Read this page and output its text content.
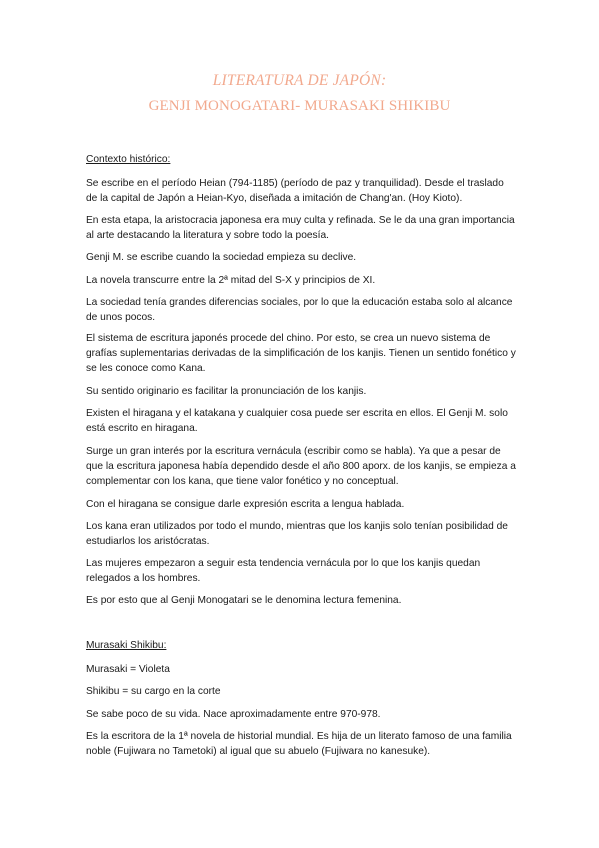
LITERATURA DE JAPÓN:
GENJI MONOGATARI- MURASAKI SHIKIBU

Contexto histórico:

Se escribe en el período Heian (794-1185) (período de paz y tranquilidad). Desde el traslado de la capital de Japón a Heian-Kyo, diseñada a imitación de Chang'an. (Hoy Kioto).

En esta etapa, la aristocracia japonesa era muy culta y refinada. Se le da una gran importancia al arte destacando la literatura y sobre todo la poesía.

Genji M. se escribe cuando la sociedad empieza su declive.

La novela transcurre entre la 2ª mitad del S-X y principios de XI.

La sociedad tenía grandes diferencias sociales, por lo que la educación estaba solo al alcance de unos pocos.

El sistema de escritura japonés procede del chino. Por esto, se crea un nuevo sistema de grafías suplementarias derivadas de la simplificación de los kanjis. Tienen un sentido fonético y se les conoce como Kana.

Su sentido originario es facilitar la pronunciación de los kanjis.

Existen el hiragana y el katakana y cualquier cosa puede ser escrita en ellos. El Genji M. solo está escrito en hiragana.

Surge un gran interés por la escritura vernácula (escribir como se habla). Ya que a pesar de que la escritura japonesa había dependido desde el año 800 aporx. de los kanjis, se empieza a complementar con los kana, que tiene valor fonético y no conceptual.

Con el hiragana se consigue darle expresión escrita a lengua hablada.

Los kana eran utilizados por todo el mundo, mientras que los kanjis solo tenían posibilidad de estudiarlos los aristócratas.

Las mujeres empezaron a seguir esta tendencia vernácula por lo que los kanjis quedan relegados a los hombres.

Es por esto que al Genji Monogatari se le denomina lectura femenina.

Murasaki Shikibu:

Murasaki = Violeta

Shikibu = su cargo en la corte

Se sabe poco de su vida. Nace aproximadamente entre 970-978.

Es la escritora de la 1ª novela de historial mundial. Es hija de un literato famoso de una familia noble (Fujiwara no Tametoki) al igual que su abuelo (Fujiwara no kanesuke).
